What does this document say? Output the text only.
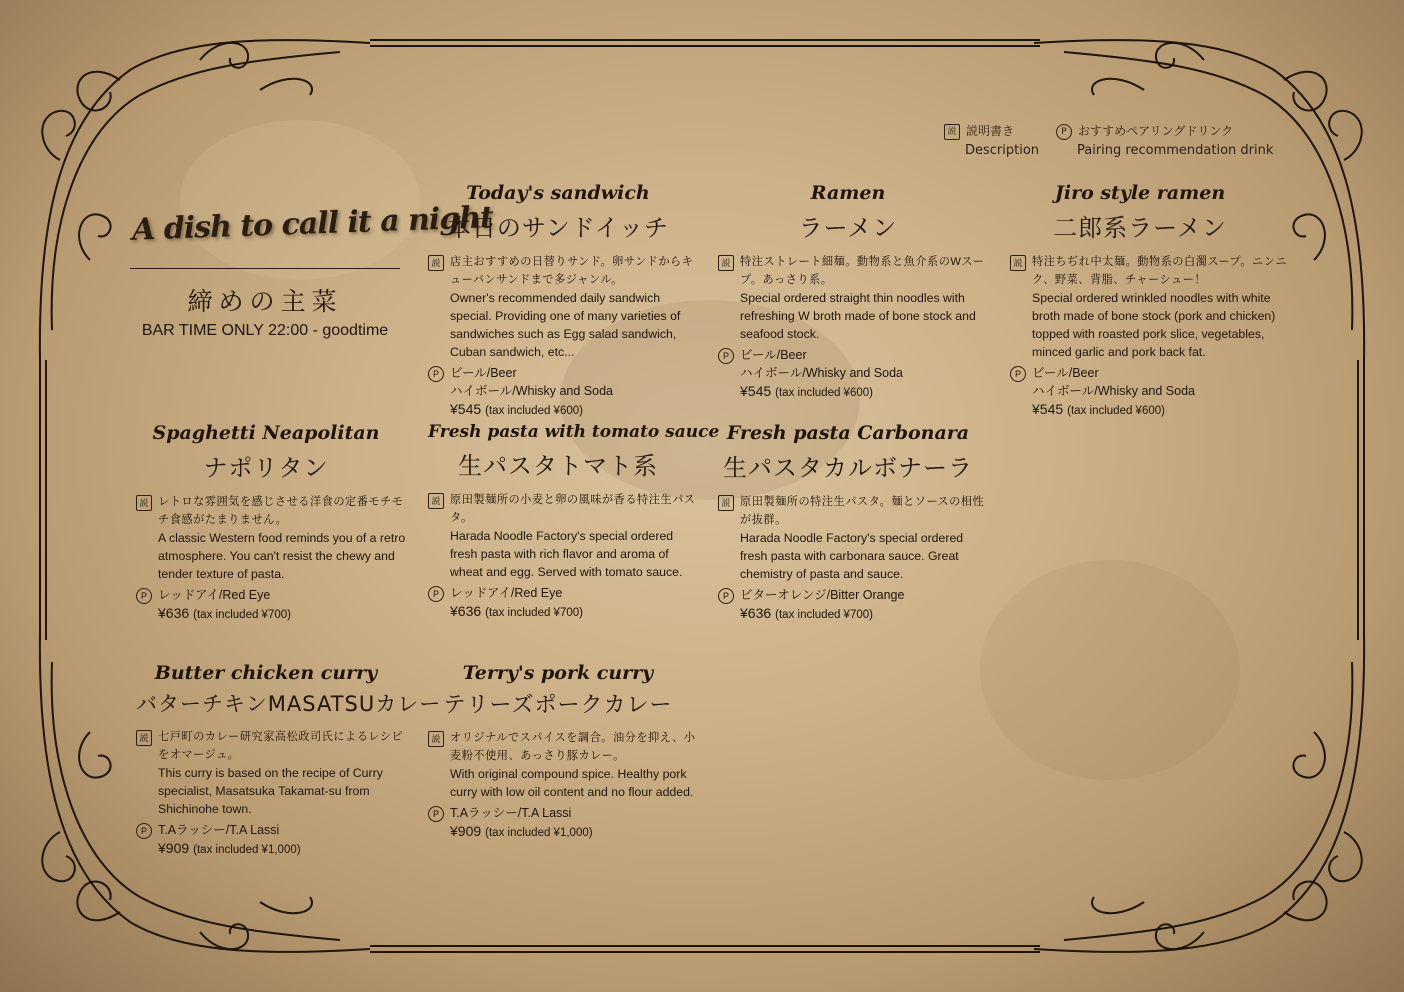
説 説明書き
Description
P おすすめペアリングドリンク
Pairing recommendation drink
A dish to call it a night
締めの主菜
BAR TIME ONLY 22:00 - goodtime
Today's sandwich
本日のサンドイッチ
説 店主おすすめの日替りサンド。卵サンドからキューバンサンドまで多ジャンル。
Owner's recommended daily sandwich special. Providing one of many varieties of sandwiches such as Egg salad sandwich, Cuban sandwich, etc...
P ビール/Beer
ハイボール/Whisky and Soda
¥545 (tax included ¥600)
Ramen
ラーメン
説 特注ストレート細麺。動物系と魚介系のWスープ。あっさり系。
Special ordered straight thin noodles with refreshing W broth made of bone stock and seafood stock.
P ビール/Beer
ハイボール/Whisky and Soda
¥545 (tax included ¥600)
Jiro style ramen
二郎系ラーメン
説 特注ちぢれ中太麺。動物系の白濁スープ。ニンニク、野菜、背脂、チャーシュー！
Special ordered wrinkled noodles with white broth made of bone stock (pork and chicken) topped with roasted pork slice, vegetables, minced garlic and pork back fat.
P ビール/Beer
ハイボール/Whisky and Soda
¥545 (tax included ¥600)
Spaghetti Neapolitan
ナポリタン
説 レトロな雰囲気を感じさせる洋食の定番モチモチ食感がたまりません。
A classic Western food reminds you of a retro atmosphere. You can't resist the chewy and tender texture of pasta.
P レッドアイ/Red Eye
¥636 (tax included ¥700)
Fresh pasta with tomato sauce
生パスタトマト系
説 原田製麺所の小麦と卵の風味が香る特注生パスタ。
Harada Noodle Factory's special ordered fresh pasta with rich flavor and aroma of wheat and egg. Served with tomato sauce.
P レッドアイ/Red Eye
¥636 (tax included ¥700)
Fresh pasta Carbonara
生パスタカルボナーラ
説 原田製麺所の特注生パスタ。麺とソースの相性が抜群。
Harada Noodle Factory's special ordered fresh pasta with carbonara sauce. Great chemistry of pasta and sauce.
P ビターオレンジ/Bitter Orange
¥636 (tax included ¥700)
Butter chicken curry
バターチキンMASATSUカレー
説 七戸町のカレー研究家高松政司氏によるレシピをオマージュ。
This curry is based on the recipe of Curry specialist, Masatsuka Takamat-su from Shichinohe town.
P T.Aラッシー/T.A Lassi
¥909 (tax included ¥1,000)
Terry's pork curry
テリーズポークカレー
説 オリジナルでスパイスを調合。油分を抑え、小麦粉不使用、あっさり豚カレー。
With original compound spice. Healthy pork curry with low oil content and no flour added.
P T.Aラッシー/T.A Lassi
¥909 (tax included ¥1,000)
